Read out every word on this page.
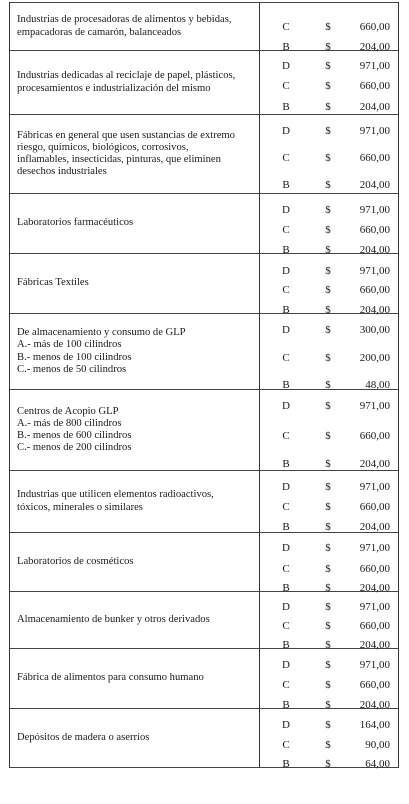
Industrias de procesadoras de alimentos y bebidas,
empacadoras de camarón, balanceados	C	$	660,00
B	$	204,00
Industrias dedicadas al reciclaje de papel, plásticos,
procesamientos e industrialización del mismo
D	$	971,00
C	$	660,00
B	$	204,00
Fábricas en general que usen sustancias de extremo
riesgo, químicos, biológicos, corrosivos,
inflamables, insecticidas, pinturas, que eliminen
desechos industriales
D	$	971,00
C	$	660,00
B	$	204,00
Laboratorios farmacéuticos
D	$	971,00
C	$	660,00
B	$	204,00
Fábricas Textiles
D	$	971,00
C	$	660,00
B	$	204,00
De almacenamiento y consumo de GLP
A.- más de 100 cilindros
B.- menos de 100 cilindros
C.- menos de 50 cilindros
D	$	300,00
C	$	200,00
B	$	48,00
Centros de Acopio GLP
A.- más de 800 cilindros
B.- menos de 600 cilindros
C.- menos de 200 cilindros
D	$	971,00
C	$	660,00
B	$	204,00
Industrias que utilicen elementos radioactivos,
tóxicos, minerales o similares
D	$	971,00
C	$	660,00
B	$	204,00
Laboratorios de cosméticos
D	$	971,00
C	$	660,00
B	$	204,00
Almacenamiento de bunker y otros derivados
D	$	971,00
C	$	660,00
B	$	204,00
Fábrica de alimentos para consumo humano
D	$	971,00
C	$	660,00
B	$	204,00
Depósitos de madera o aserríos
D	$	164,00
C	$	90,00
B	$	64,00
